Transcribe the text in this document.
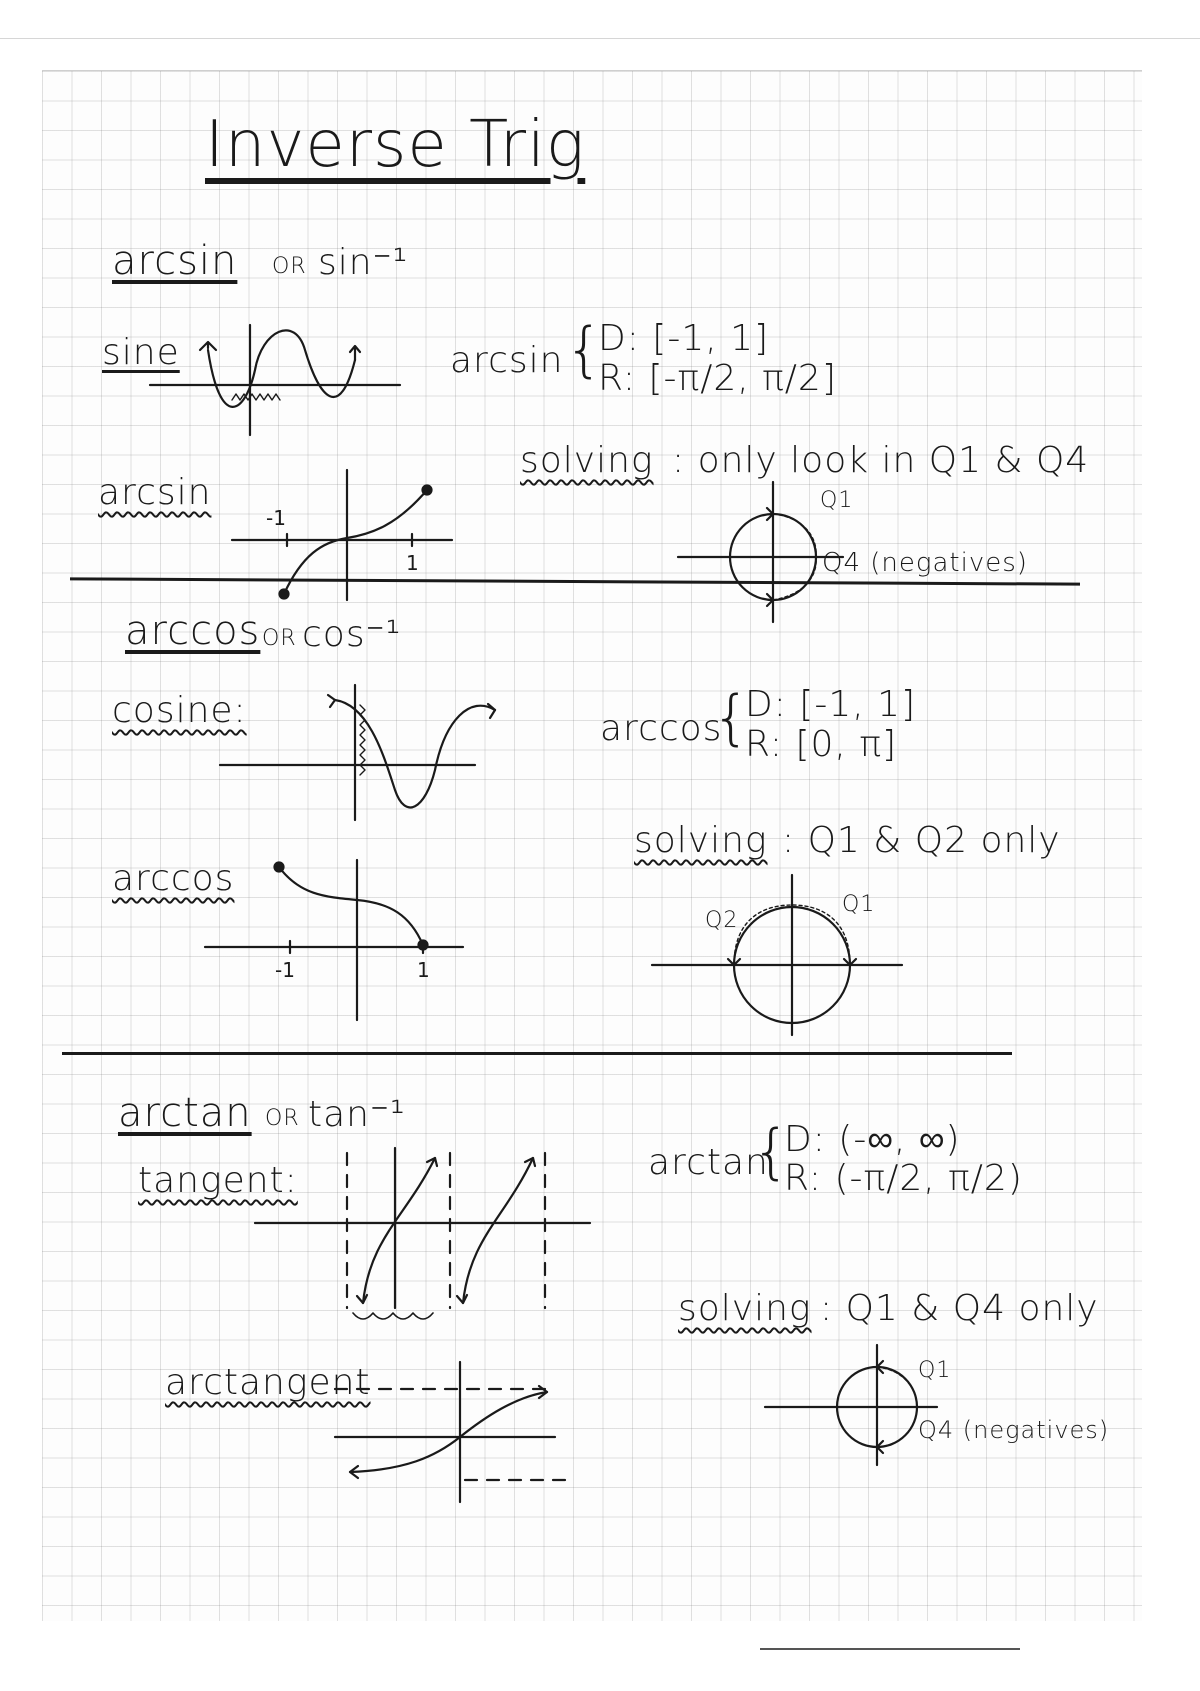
Inverse Trig
arcsin OR sin⁻¹
sine	arcsin {
D: [-1, 1]
R: [-π/2, π/2]
solving : only look in Q1 & Q4
arcsin
-1
1
Q1
Q4 (negatives)
arccos OR cos⁻¹
cosine:	arccos
{
D: [-1, 1]
R: [0, π]
solving : Q1 & Q2 only
arccos
-1	1
Q2
Q1
arctan OR tan⁻¹
tangent:	arctan
{
D: (-∞, ∞)
R: (-π/2, π/2)
solving : Q1 & Q4 only
arctangent	Q1
Q4 (negatives)
